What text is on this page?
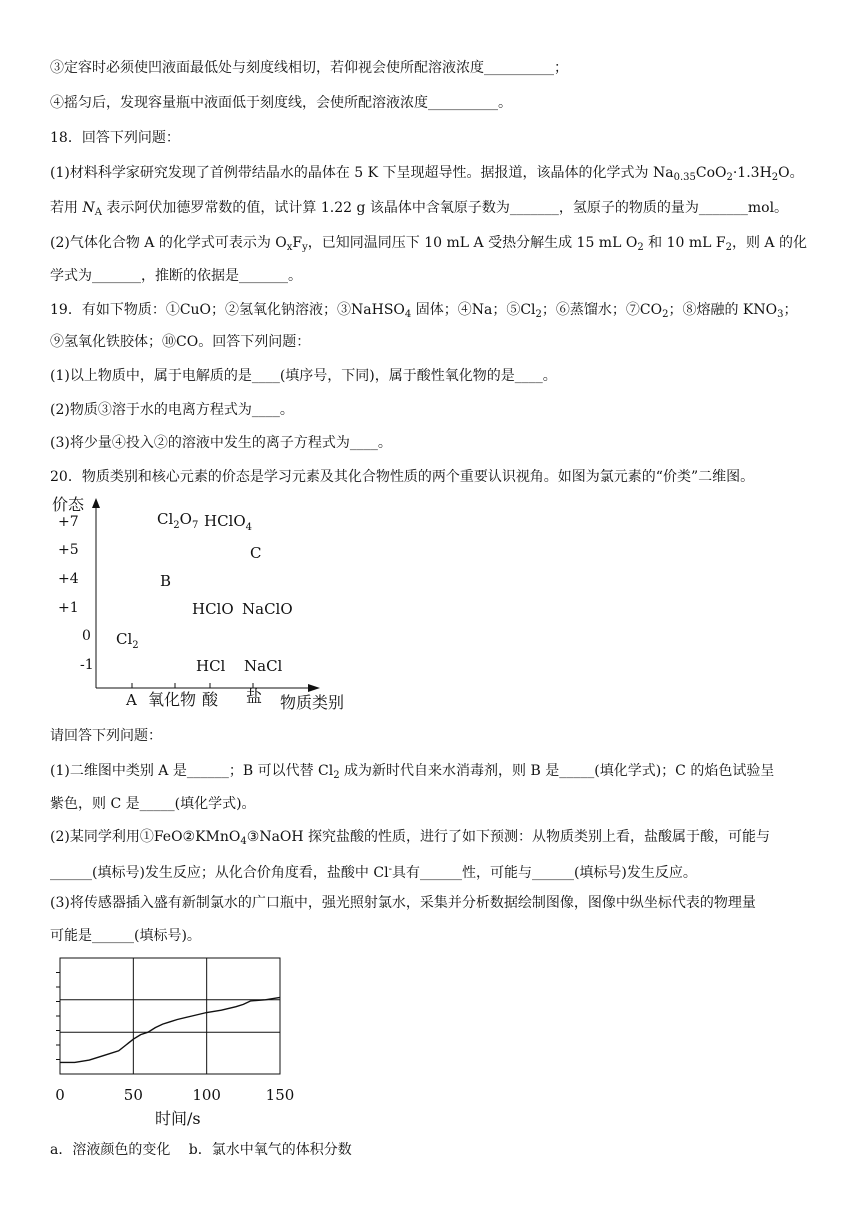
③定容时必须使凹液面最低处与刻度线相切，若仰视会使所配溶液浓度__________；
④摇匀后，发现容量瓶中液面低于刻度线，会使所配溶液浓度__________。
18．回答下列问题：
(1)材料科学家研究发现了首例带结晶水的晶体在 5 K 下呈现超导性。据报道，该晶体的化学式为 $Na_{0.35}CoO_2\cdot 1.3H_2O$。
若用 $N_A$ 表示阿伏加德罗常数的值，试计算 1.22 g 该晶体中含氧原子数为_______，氢原子的物质的量为_______mol。
(2)气体化合物 A 的化学式可表示为 $O_xF_y$，已知同温同压下 10 mL A 受热分解生成 15 mL $O_2$ 和 10 mL $F_2$，则 A 的化
学式为_______，推断的依据是_______。
19．有如下物质：①CuO；②氢氧化钠溶液；③NaHSO$_4$ 固体；④Na；$⑤Cl_2$；⑥蒸馏水；$⑦CO_2$；⑧熔融的 $KNO_3$；
⑨氢氧化铁胶体；⑩CO。回答下列问题：
(1)以上物质中，属于电解质的是____(填序号，下同)，属于酸性氧化物的是____。
(2)物质③溶于水的电离方程式为____。
(3)将少量④投入②的溶液中发生的离子方程式为____。
20．物质类别和核心元素的价态是学习元素及其化合物性质的两个重要认识视角。如图为氯元素的“价类”二维图。
价态
+7
+5
+4
+1
0
-1
A 氧化物 酸 盐 物质类别
$Cl_2O_7$ HClO$_4$
C
B
HClO NaClO
$Cl_2$
HCl NaCl
请回答下列问题：
(1)二维图中类别 A 是______；B 可以代替 $Cl_2$ 成为新时代自来水消毒剂，则 B 是_____(填化学式)；C 的焰色试验呈
紫色，则 C 是_____(填化学式)。
(2)某同学利用①FeO②KMnO$_4$③NaOH 探究盐酸的性质，进行了如下预测：从物质类别上看，盐酸属于酸，可能与
______(填标号)发生反应；从化合价角度看，盐酸中 Cl-具有______性，可能与______(填标号)发生反应。
(3)将传感器插入盛有新制氯水的广口瓶中，强光照射氯水，采集并分析数据绘制图像，图像中纵坐标代表的物理量
可能是______(填标号)。
0	50	100	150
时间/s
a．溶液颜色的变化　 b．氯水中氧气的体积分数
